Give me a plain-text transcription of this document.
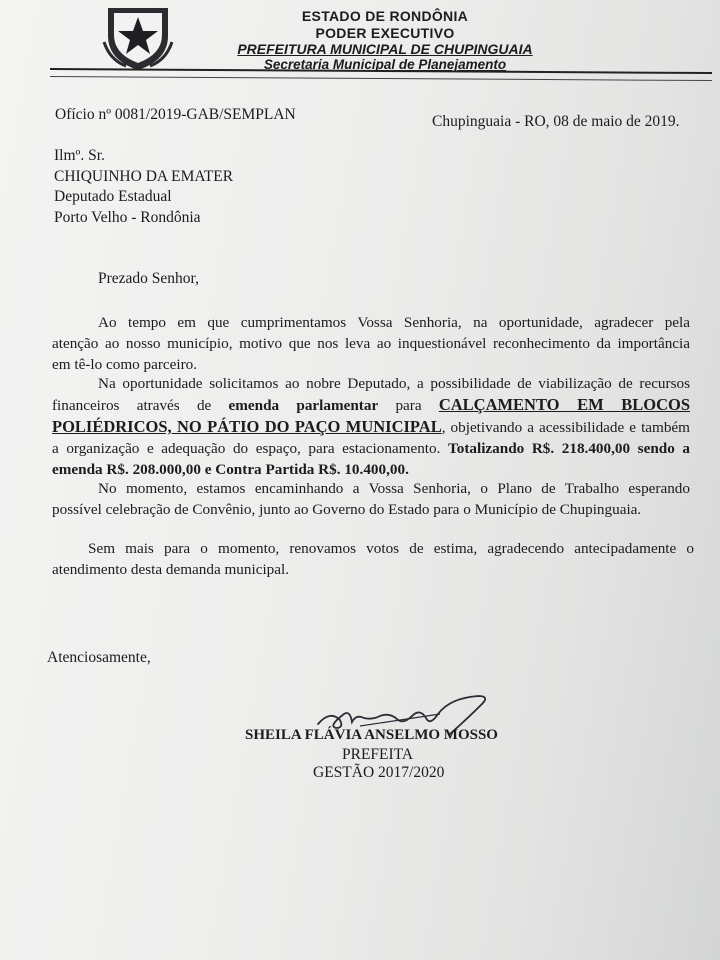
ESTADO DE RONDÔNIA
PODER EXECUTIVO
PREFEITURA MUNICIPAL DE CHUPINGUAIA
Secretaria Municipal de Planejamento
Ofício nº 0081/2019-GAB/SEMPLAN	Chupinguaia - RO, 08 de maio de 2019.
Ilmº. Sr.
CHIQUINHO DA EMATER
Deputado Estadual
Porto Velho - Rondônia
Prezado Senhor,
Ao tempo em que cumprimentamos Vossa Senhoria, na oportunidade, agradecer pela
atenção ao nosso município, motivo que nos leva ao inquestionável reconhecimento da importância
em tê-lo como parceiro.
Na oportunidade solicitamos ao nobre Deputado, a possibilidade de viabilização de recursos
financeiros através de emenda parlamentar para CALÇAMENTO EM BLOCOS
POLIÉDRICOS, NO PÁTIO DO PAÇO MUNICIPAL, objetivando a acessibilidade e também
a organização e adequação do espaço, para estacionamento. Totalizando R$. 218.400,00 sendo a
emenda R$. 208.000,00 e Contra Partida R$. 10.400,00.
No momento, estamos encaminhando a Vossa Senhoria, o Plano de Trabalho esperando
possível celebração de Convênio, junto ao Governo do Estado para o Município de Chupinguaia.
Sem mais para o momento, renovamos votos de estima, agradecendo antecipadamente o
atendimento desta demanda municipal.
Atenciosamente,
SHEILA FLÁVIA ANSELMO MOSSO
PREFEITA
GESTÃO 2017/2020
